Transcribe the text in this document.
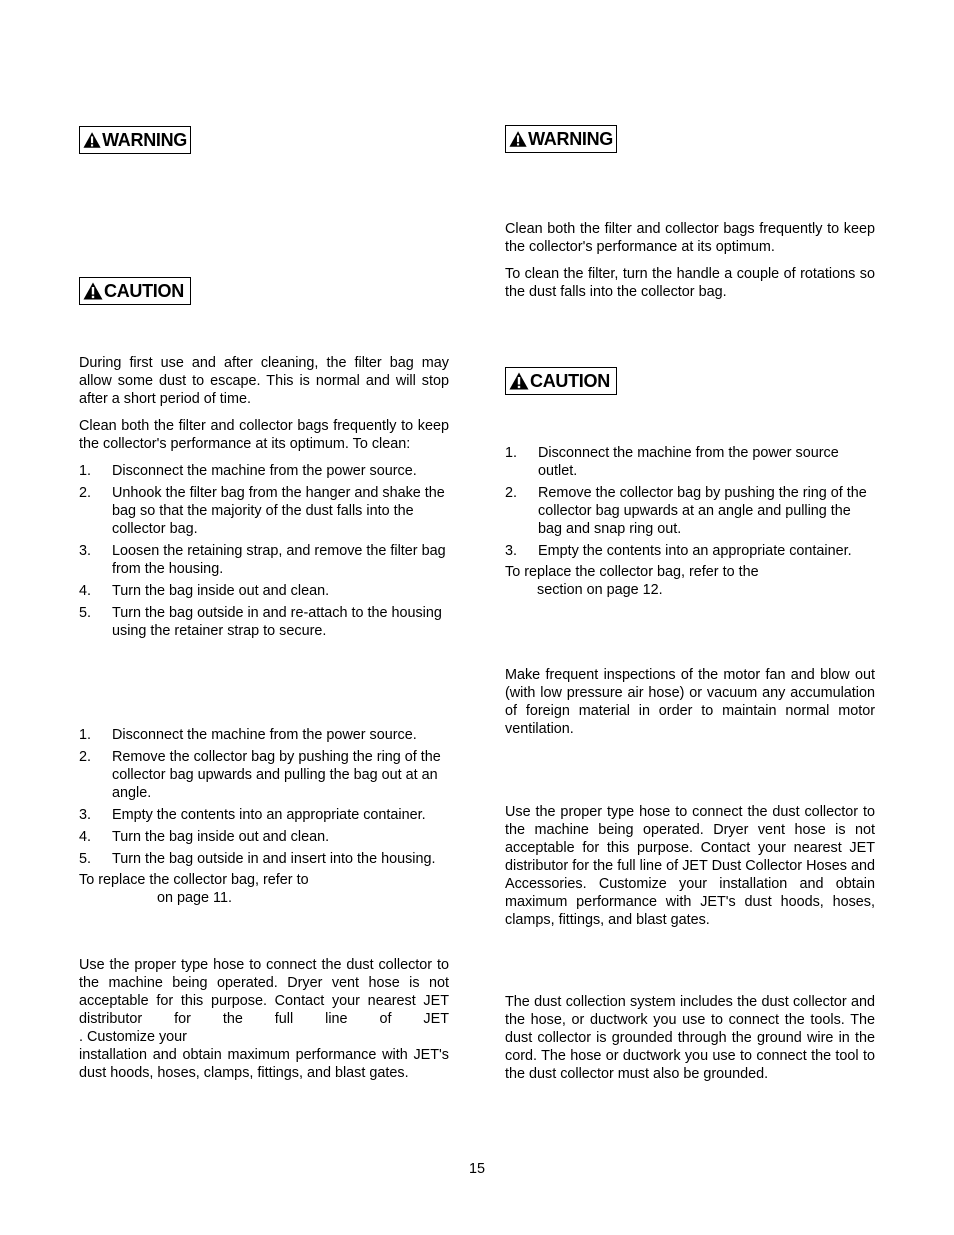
WARNING
CAUTION

During first use and after cleaning, the filter bag may allow some dust to escape. This is normal and will stop after a short period of time.

Clean both the filter and collector bags frequently to keep the collector's performance at its optimum. To clean:

1.	Disconnect the machine from the power source.
2.	Unhook the filter bag from the hanger and shake the bag so that the majority of the dust falls into the collector bag.
3.	Loosen the retaining strap, and remove the filter bag from the housing.
4.	Turn the bag inside out and clean.
5.	Turn the bag outside in and re-attach to the housing using the retainer strap to secure.
1.	Disconnect the machine from the power source.
2.	Remove the collector bag by pushing the ring of the collector bag upwards and pulling the bag out at an angle.
3.	Empty the contents into an appropriate container.
4.	Turn the bag inside out and clean.
5.	Turn the bag outside in and insert into the housing.

To replace the collector bag, refer to

on page 11.

Use the proper type hose to connect the dust collector to the machine being operated. Dryer vent hose is not acceptable for this purpose. Contact your nearest JET distributor for the full line of JET

. Customize your

installation and obtain maximum performance with JET's dust hoods, hoses, clamps, fittings, and blast gates.

WARNING

Clean both the filter and collector bags frequently to keep the collector's performance at its optimum.

To clean the filter, turn the handle a couple of rotations so the dust falls into the collector bag.

CAUTION
1.	Disconnect the machine from the power source outlet.
2.	Remove the collector bag by pushing the ring of the collector bag upwards at an angle and pulling the bag and snap ring out.
3.	Empty the contents into an appropriate container.

To replace the collector bag, refer to the

section on page 12.

Make frequent inspections of the motor fan and blow out (with low pressure air hose) or vacuum any accumulation of foreign material in order to maintain normal motor ventilation.

Use the proper type hose to connect the dust collector to the machine being operated. Dryer vent hose is not acceptable for this purpose. Contact your nearest JET distributor for the full line of JET Dust Collector Hoses and Accessories. Customize your installation and obtain maximum performance with JET's dust hoods, hoses, clamps, fittings, and blast gates.

The dust collection system includes the dust collector and the hose, or ductwork you use to connect the tools. The dust collector is grounded through the ground wire in the cord. The hose or ductwork you use to connect the tool to the dust collector must also be grounded.

15
